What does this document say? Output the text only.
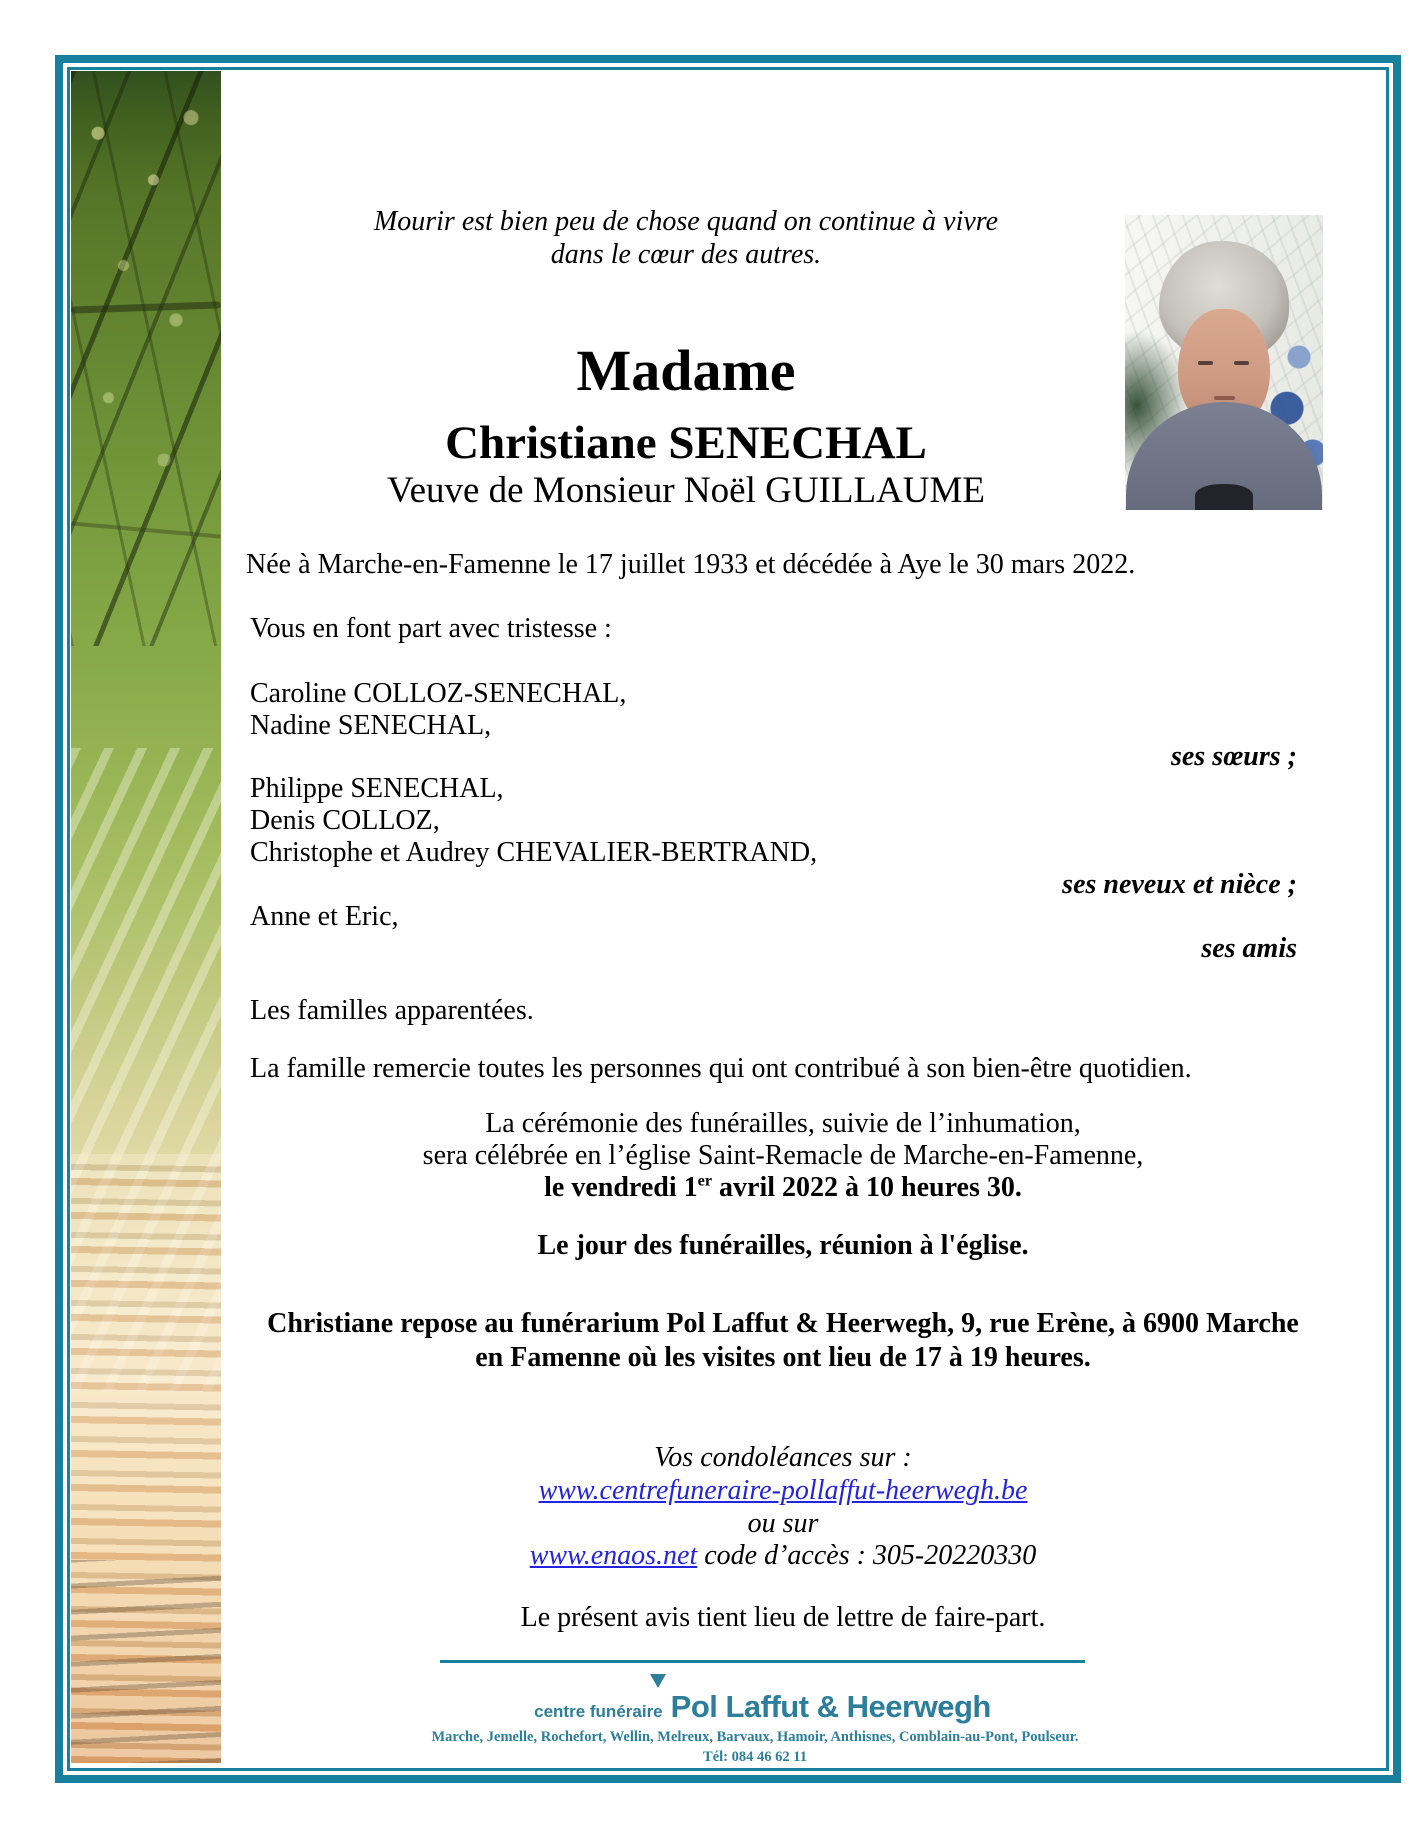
Mourir est bien peu de chose quand on continue à vivre
dans le cœur des autres.
Madame
Christiane SENECHAL
Veuve de Monsieur Noël GUILLAUME
Née à Marche-en-Famenne le 17 juillet 1933 et décédée à Aye le 30 mars 2022.
Vous en font part avec tristesse :
Caroline COLLOZ-SENECHAL,
Nadine SENECHAL,
ses sœurs ;
Philippe SENECHAL,
Denis COLLOZ,
Christophe et Audrey CHEVALIER-BERTRAND,
ses neveux et nièce ;
Anne et Eric,
ses amis
Les familles apparentées.
La famille remercie toutes les personnes qui ont contribué à son bien-être quotidien.
La cérémonie des funérailles, suivie de l’inhumation,
sera célébrée en l’église Saint-Remacle de Marche-en-Famenne,
le vendredi 1er avril 2022 à 10 heures 30.
Le jour des funérailles, réunion à l'église.
Christiane repose au funérarium Pol Laffut & Heerwegh, 9, rue Erène, à 6900 Marche
en Famenne où les visites ont lieu de 17 à 19 heures.
Vos condoléances sur :
www.centrefuneraire-pollaffut-heerwegh.be
ou sur
www.enaos.net code d’accès : 305-20220330
Le présent avis tient lieu de lettre de faire-part.
centre funéraire Pol Laffut & Heerwegh
Marche, Jemelle, Rochefort, Wellin, Melreux, Barvaux, Hamoir, Anthisnes, Comblain-au-Pont, Poulseur.
Tél: 084 46 62 11
